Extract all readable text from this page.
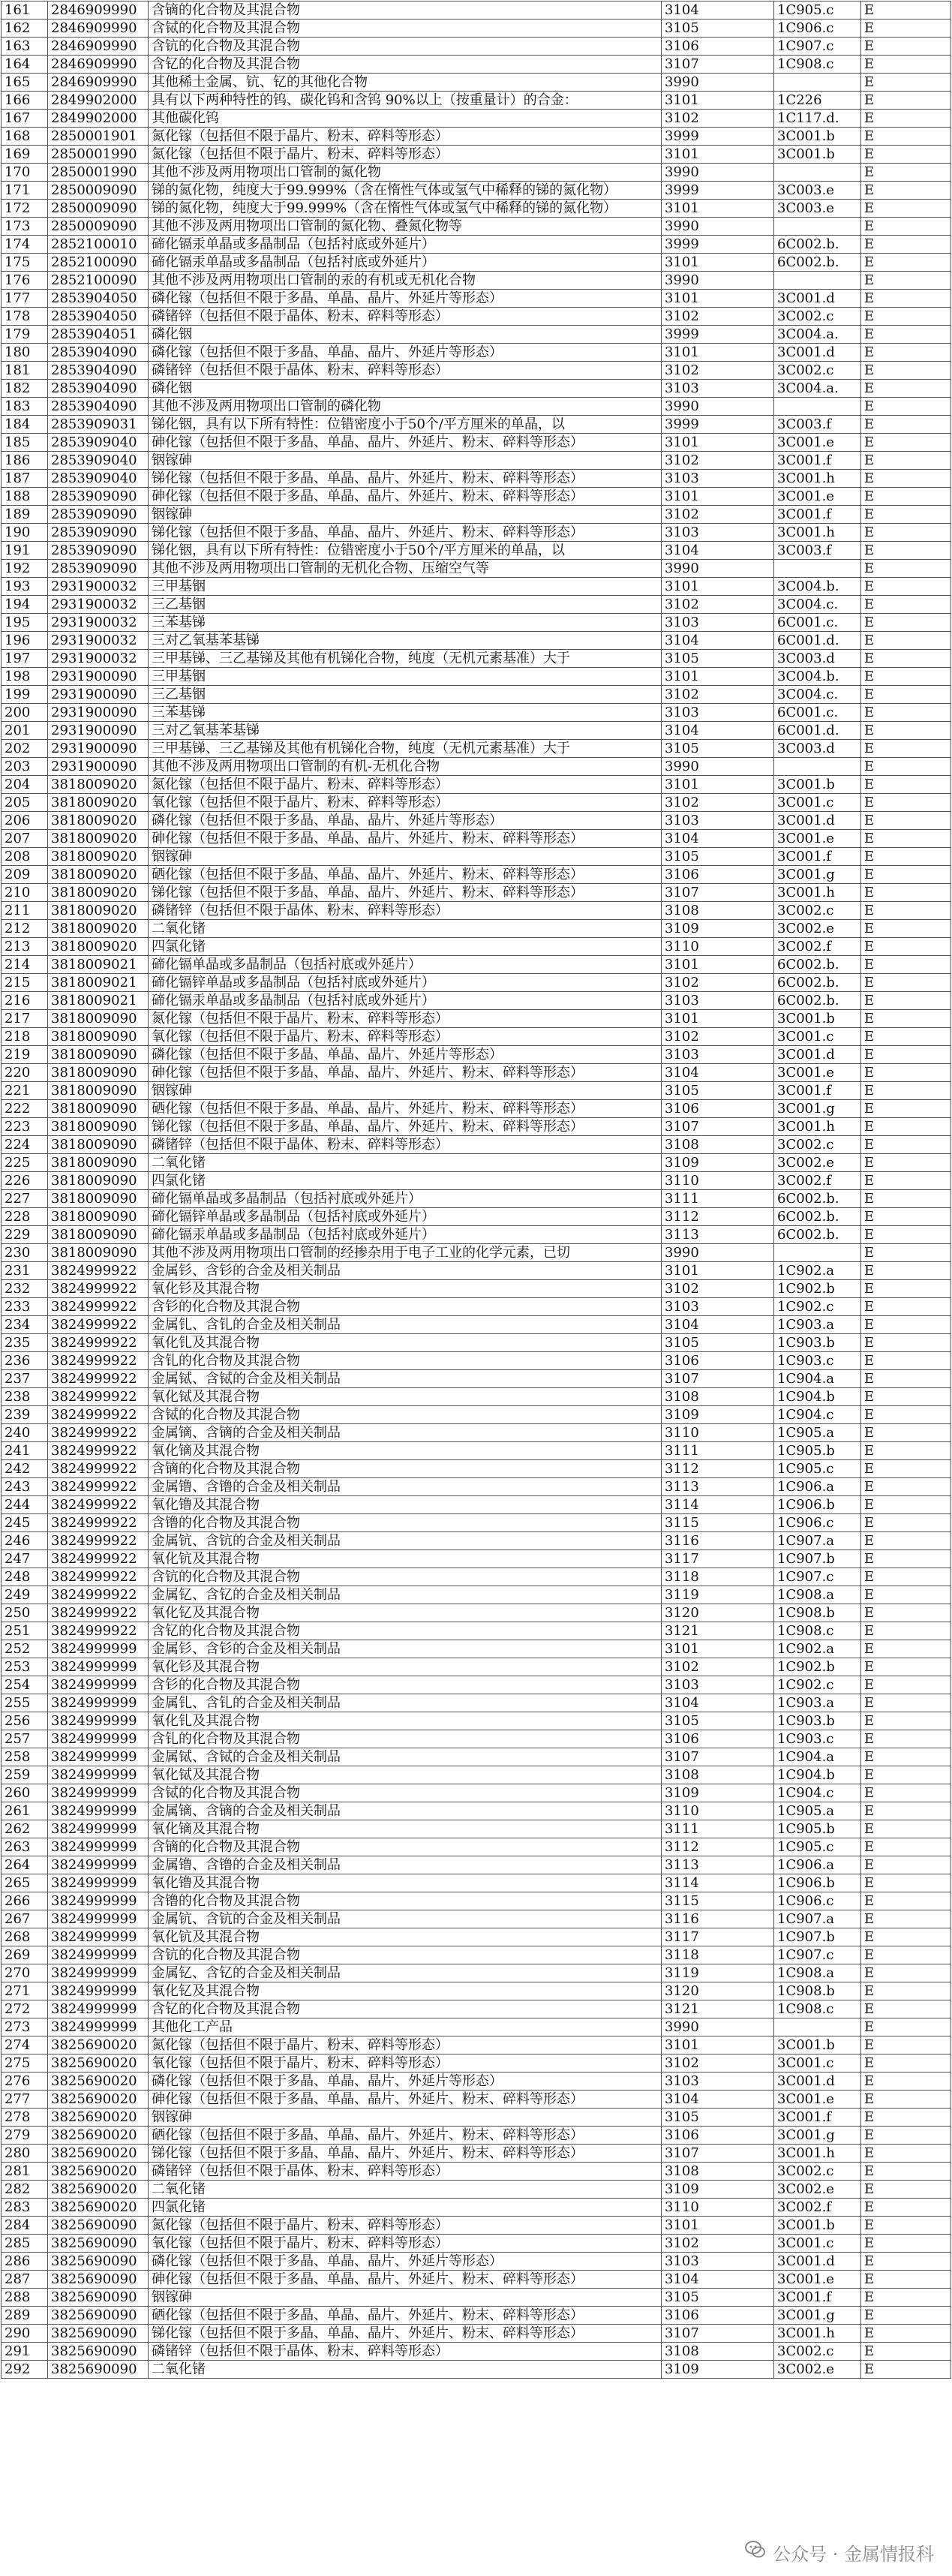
161	2846909990	含镝的化合物及其混合物	3104	1C905.c	E
162	2846909990	含铽的化合物及其混合物	3105	1C906.c	E
163	2846909990	含钪的化合物及其混合物	3106	1C907.c	E
164	2846909990	含钇的化合物及其混合物	3107	1C908.c	E
165	2846909990	其他稀土金属、钪、钇的其他化合物	3990		E
166	2849902000	具有以下两种特性的钨、碳化钨和含钨 90%以上（按重量计）的合金：	3101	1C226	E
167	2849902000	其他碳化钨	3102	1C117.d.	E
168	2850001901	氮化镓（包括但不限于晶片、粉末、碎料等形态）	3999	3C001.b	E
169	2850001990	氮化镓（包括但不限于晶片、粉末、碎料等形态）	3101	3C001.b	E
170	2850001990	其他不涉及两用物项出口管制的氮化物	3990		E
171	2850009090	锑的氮化物，纯度大于99.999%（含在惰性气体或氢气中稀释的锑的氮化物）	3999	3C003.e	E
172	2850009090	锑的氮化物，纯度大于99.999%（含在惰性气体或氢气中稀释的锑的氮化物）	3101	3C003.e	E
173	2850009090	其他不涉及两用物项出口管制的氮化物、叠氮化物等	3990		E
174	2852100010	碲化镉汞单晶或多晶制品（包括衬底或外延片）	3999	6C002.b.	E
175	2852100090	碲化镉汞单晶或多晶制品（包括衬底或外延片）	3101	6C002.b.	E
176	2852100090	其他不涉及两用物项出口管制的汞的有机或无机化合物	3990		E
177	2853904050	磷化镓（包括但不限于多晶、单晶、晶片、外延片等形态）	3101	3C001.d	E
178	2853904050	磷锗锌（包括但不限于晶体、粉末、碎料等形态）	3102	3C002.c	E
179	2853904051	磷化铟	3999	3C004.a.	E
180	2853904090	磷化镓（包括但不限于多晶、单晶、晶片、外延片等形态）	3101	3C001.d	E
181	2853904090	磷锗锌（包括但不限于晶体、粉末、碎料等形态）	3102	3C002.c	E
182	2853904090	磷化铟	3103	3C004.a.	E
183	2853904090	其他不涉及两用物项出口管制的磷化物	3990		E
184	2853909031	锑化铟，具有以下所有特性：位错密度小于50个/平方厘米的单晶，以	3999	3C003.f	E
185	2853909040	砷化镓（包括但不限于多晶、单晶、晶片、外延片、粉末、碎料等形态）	3101	3C001.e	E
186	2853909040	铟镓砷	3102	3C001.f	E
187	2853909040	锑化镓（包括但不限于多晶、单晶、晶片、外延片、粉末、碎料等形态）	3103	3C001.h	E
188	2853909090	砷化镓（包括但不限于多晶、单晶、晶片、外延片、粉末、碎料等形态）	3101	3C001.e	E
189	2853909090	铟镓砷	3102	3C001.f	E
190	2853909090	锑化镓（包括但不限于多晶、单晶、晶片、外延片、粉末、碎料等形态）	3103	3C001.h	E
191	2853909090	锑化铟，具有以下所有特性：位错密度小于50个/平方厘米的单晶，以	3104	3C003.f	E
192	2853909090	其他不涉及两用物项出口管制的无机化合物、压缩空气等	3990		E
193	2931900032	三甲基铟	3101	3C004.b.	E
194	2931900032	三乙基铟	3102	3C004.c.	E
195	2931900032	三苯基锑	3103	6C001.c.	E
196	2931900032	三对乙氧基苯基锑	3104	6C001.d.	E
197	2931900032	三甲基锑、三乙基锑及其他有机锑化合物，纯度（无机元素基准）大于	3105	3C003.d	E
198	2931900090	三甲基铟	3101	3C004.b.	E
199	2931900090	三乙基铟	3102	3C004.c.	E
200	2931900090	三苯基锑	3103	6C001.c.	E
201	2931900090	三对乙氧基苯基锑	3104	6C001.d.	E
202	2931900090	三甲基锑、三乙基锑及其他有机锑化合物，纯度（无机元素基准）大于	3105	3C003.d	E
203	2931900090	其他不涉及两用物项出口管制的有机-无机化合物	3990		E
204	3818009020	氮化镓（包括但不限于晶片、粉末、碎料等形态）	3101	3C001.b	E
205	3818009020	氧化镓（包括但不限于晶片、粉末、碎料等形态）	3102	3C001.c	E
206	3818009020	磷化镓（包括但不限于多晶、单晶、晶片、外延片等形态）	3103	3C001.d	E
207	3818009020	砷化镓（包括但不限于多晶、单晶、晶片、外延片、粉末、碎料等形态）	3104	3C001.e	E
208	3818009020	铟镓砷	3105	3C001.f	E
209	3818009020	硒化镓（包括但不限于多晶、单晶、晶片、外延片、粉末、碎料等形态）	3106	3C001.g	E
210	3818009020	锑化镓（包括但不限于多晶、单晶、晶片、外延片、粉末、碎料等形态）	3107	3C001.h	E
211	3818009020	磷锗锌（包括但不限于晶体、粉末、碎料等形态）	3108	3C002.c	E
212	3818009020	二氧化锗	3109	3C002.e	E
213	3818009020	四氯化锗	3110	3C002.f	E
214	3818009021	碲化镉单晶或多晶制品（包括衬底或外延片）	3101	6C002.b.	E
215	3818009021	碲化镉锌单晶或多晶制品（包括衬底或外延片）	3102	6C002.b.	E
216	3818009021	碲化镉汞单晶或多晶制品（包括衬底或外延片）	3103	6C002.b.	E
217	3818009090	氮化镓（包括但不限于晶片、粉末、碎料等形态）	3101	3C001.b	E
218	3818009090	氧化镓（包括但不限于晶片、粉末、碎料等形态）	3102	3C001.c	E
219	3818009090	磷化镓（包括但不限于多晶、单晶、晶片、外延片等形态）	3103	3C001.d	E
220	3818009090	砷化镓（包括但不限于多晶、单晶、晶片、外延片、粉末、碎料等形态）	3104	3C001.e	E
221	3818009090	铟镓砷	3105	3C001.f	E
222	3818009090	硒化镓（包括但不限于多晶、单晶、晶片、外延片、粉末、碎料等形态）	3106	3C001.g	E
223	3818009090	锑化镓（包括但不限于多晶、单晶、晶片、外延片、粉末、碎料等形态）	3107	3C001.h	E
224	3818009090	磷锗锌（包括但不限于晶体、粉末、碎料等形态）	3108	3C002.c	E
225	3818009090	二氧化锗	3109	3C002.e	E
226	3818009090	四氯化锗	3110	3C002.f	E
227	3818009090	碲化镉单晶或多晶制品（包括衬底或外延片）	3111	6C002.b.	E
228	3818009090	碲化镉锌单晶或多晶制品（包括衬底或外延片）	3112	6C002.b.	E
229	3818009090	碲化镉汞单晶或多晶制品（包括衬底或外延片）	3113	6C002.b.	E
230	3818009090	其他不涉及两用物项出口管制的经掺杂用于电子工业的化学元素，已切	3990		E
231	3824999922	金属钐、含钐的合金及相关制品	3101	1C902.a	E
232	3824999922	氧化钐及其混合物	3102	1C902.b	E
233	3824999922	含钐的化合物及其混合物	3103	1C902.c	E
234	3824999922	金属钆、含钆的合金及相关制品	3104	1C903.a	E
235	3824999922	氧化钆及其混合物	3105	1C903.b	E
236	3824999922	含钆的化合物及其混合物	3106	1C903.c	E
237	3824999922	金属铽、含铽的合金及相关制品	3107	1C904.a	E
238	3824999922	氧化铽及其混合物	3108	1C904.b	E
239	3824999922	含铽的化合物及其混合物	3109	1C904.c	E
240	3824999922	金属镝、含镝的合金及相关制品	3110	1C905.a	E
241	3824999922	氧化镝及其混合物	3111	1C905.b	E
242	3824999922	含镝的化合物及其混合物	3112	1C905.c	E
243	3824999922	金属镥、含镥的合金及相关制品	3113	1C906.a	E
244	3824999922	氧化镥及其混合物	3114	1C906.b	E
245	3824999922	含镥的化合物及其混合物	3115	1C906.c	E
246	3824999922	金属钪、含钪的合金及相关制品	3116	1C907.a	E
247	3824999922	氧化钪及其混合物	3117	1C907.b	E
248	3824999922	含钪的化合物及其混合物	3118	1C907.c	E
249	3824999922	金属钇、含钇的合金及相关制品	3119	1C908.a	E
250	3824999922	氧化钇及其混合物	3120	1C908.b	E
251	3824999922	含钇的化合物及其混合物	3121	1C908.c	E
252	3824999999	金属钐、含钐的合金及相关制品	3101	1C902.a	E
253	3824999999	氧化钐及其混合物	3102	1C902.b	E
254	3824999999	含钐的化合物及其混合物	3103	1C902.c	E
255	3824999999	金属钆、含钆的合金及相关制品	3104	1C903.a	E
256	3824999999	氧化钆及其混合物	3105	1C903.b	E
257	3824999999	含钆的化合物及其混合物	3106	1C903.c	E
258	3824999999	金属铽、含铽的合金及相关制品	3107	1C904.a	E
259	3824999999	氧化铽及其混合物	3108	1C904.b	E
260	3824999999	含铽的化合物及其混合物	3109	1C904.c	E
261	3824999999	金属镝、含镝的合金及相关制品	3110	1C905.a	E
262	3824999999	氧化镝及其混合物	3111	1C905.b	E
263	3824999999	含镝的化合物及其混合物	3112	1C905.c	E
264	3824999999	金属镥、含镥的合金及相关制品	3113	1C906.a	E
265	3824999999	氧化镥及其混合物	3114	1C906.b	E
266	3824999999	含镥的化合物及其混合物	3115	1C906.c	E
267	3824999999	金属钪、含钪的合金及相关制品	3116	1C907.a	E
268	3824999999	氧化钪及其混合物	3117	1C907.b	E
269	3824999999	含钪的化合物及其混合物	3118	1C907.c	E
270	3824999999	金属钇、含钇的合金及相关制品	3119	1C908.a	E
271	3824999999	氧化钇及其混合物	3120	1C908.b	E
272	3824999999	含钇的化合物及其混合物	3121	1C908.c	E
273	3824999999	其他化工产品	3990		E
274	3825690020	氮化镓（包括但不限于晶片、粉末、碎料等形态）	3101	3C001.b	E
275	3825690020	氧化镓（包括但不限于晶片、粉末、碎料等形态）	3102	3C001.c	E
276	3825690020	磷化镓（包括但不限于多晶、单晶、晶片、外延片等形态）	3103	3C001.d	E
277	3825690020	砷化镓（包括但不限于多晶、单晶、晶片、外延片、粉末、碎料等形态）	3104	3C001.e	E
278	3825690020	铟镓砷	3105	3C001.f	E
279	3825690020	硒化镓（包括但不限于多晶、单晶、晶片、外延片、粉末、碎料等形态）	3106	3C001.g	E
280	3825690020	锑化镓（包括但不限于多晶、单晶、晶片、外延片、粉末、碎料等形态）	3107	3C001.h	E
281	3825690020	磷锗锌（包括但不限于晶体、粉末、碎料等形态）	3108	3C002.c	E
282	3825690020	二氧化锗	3109	3C002.e	E
283	3825690020	四氯化锗	3110	3C002.f	E
284	3825690090	氮化镓（包括但不限于晶片、粉末、碎料等形态）	3101	3C001.b	E
285	3825690090	氧化镓（包括但不限于晶片、粉末、碎料等形态）	3102	3C001.c	E
286	3825690090	磷化镓（包括但不限于多晶、单晶、晶片、外延片等形态）	3103	3C001.d	E
287	3825690090	砷化镓（包括但不限于多晶、单晶、晶片、外延片、粉末、碎料等形态）	3104	3C001.e	E
288	3825690090	铟镓砷	3105	3C001.f	E
289	3825690090	硒化镓（包括但不限于多晶、单晶、晶片、外延片、粉末、碎料等形态）	3106	3C001.g	E
290	3825690090	锑化镓（包括但不限于多晶、单晶、晶片、外延片、粉末、碎料等形态）	3107	3C001.h	E
291	3825690090	磷锗锌（包括但不限于晶体、粉末、碎料等形态）	3108	3C002.c	E
292	3825690090	二氧化锗	3109	3C002.e	E
公众号 · 金属情报科
